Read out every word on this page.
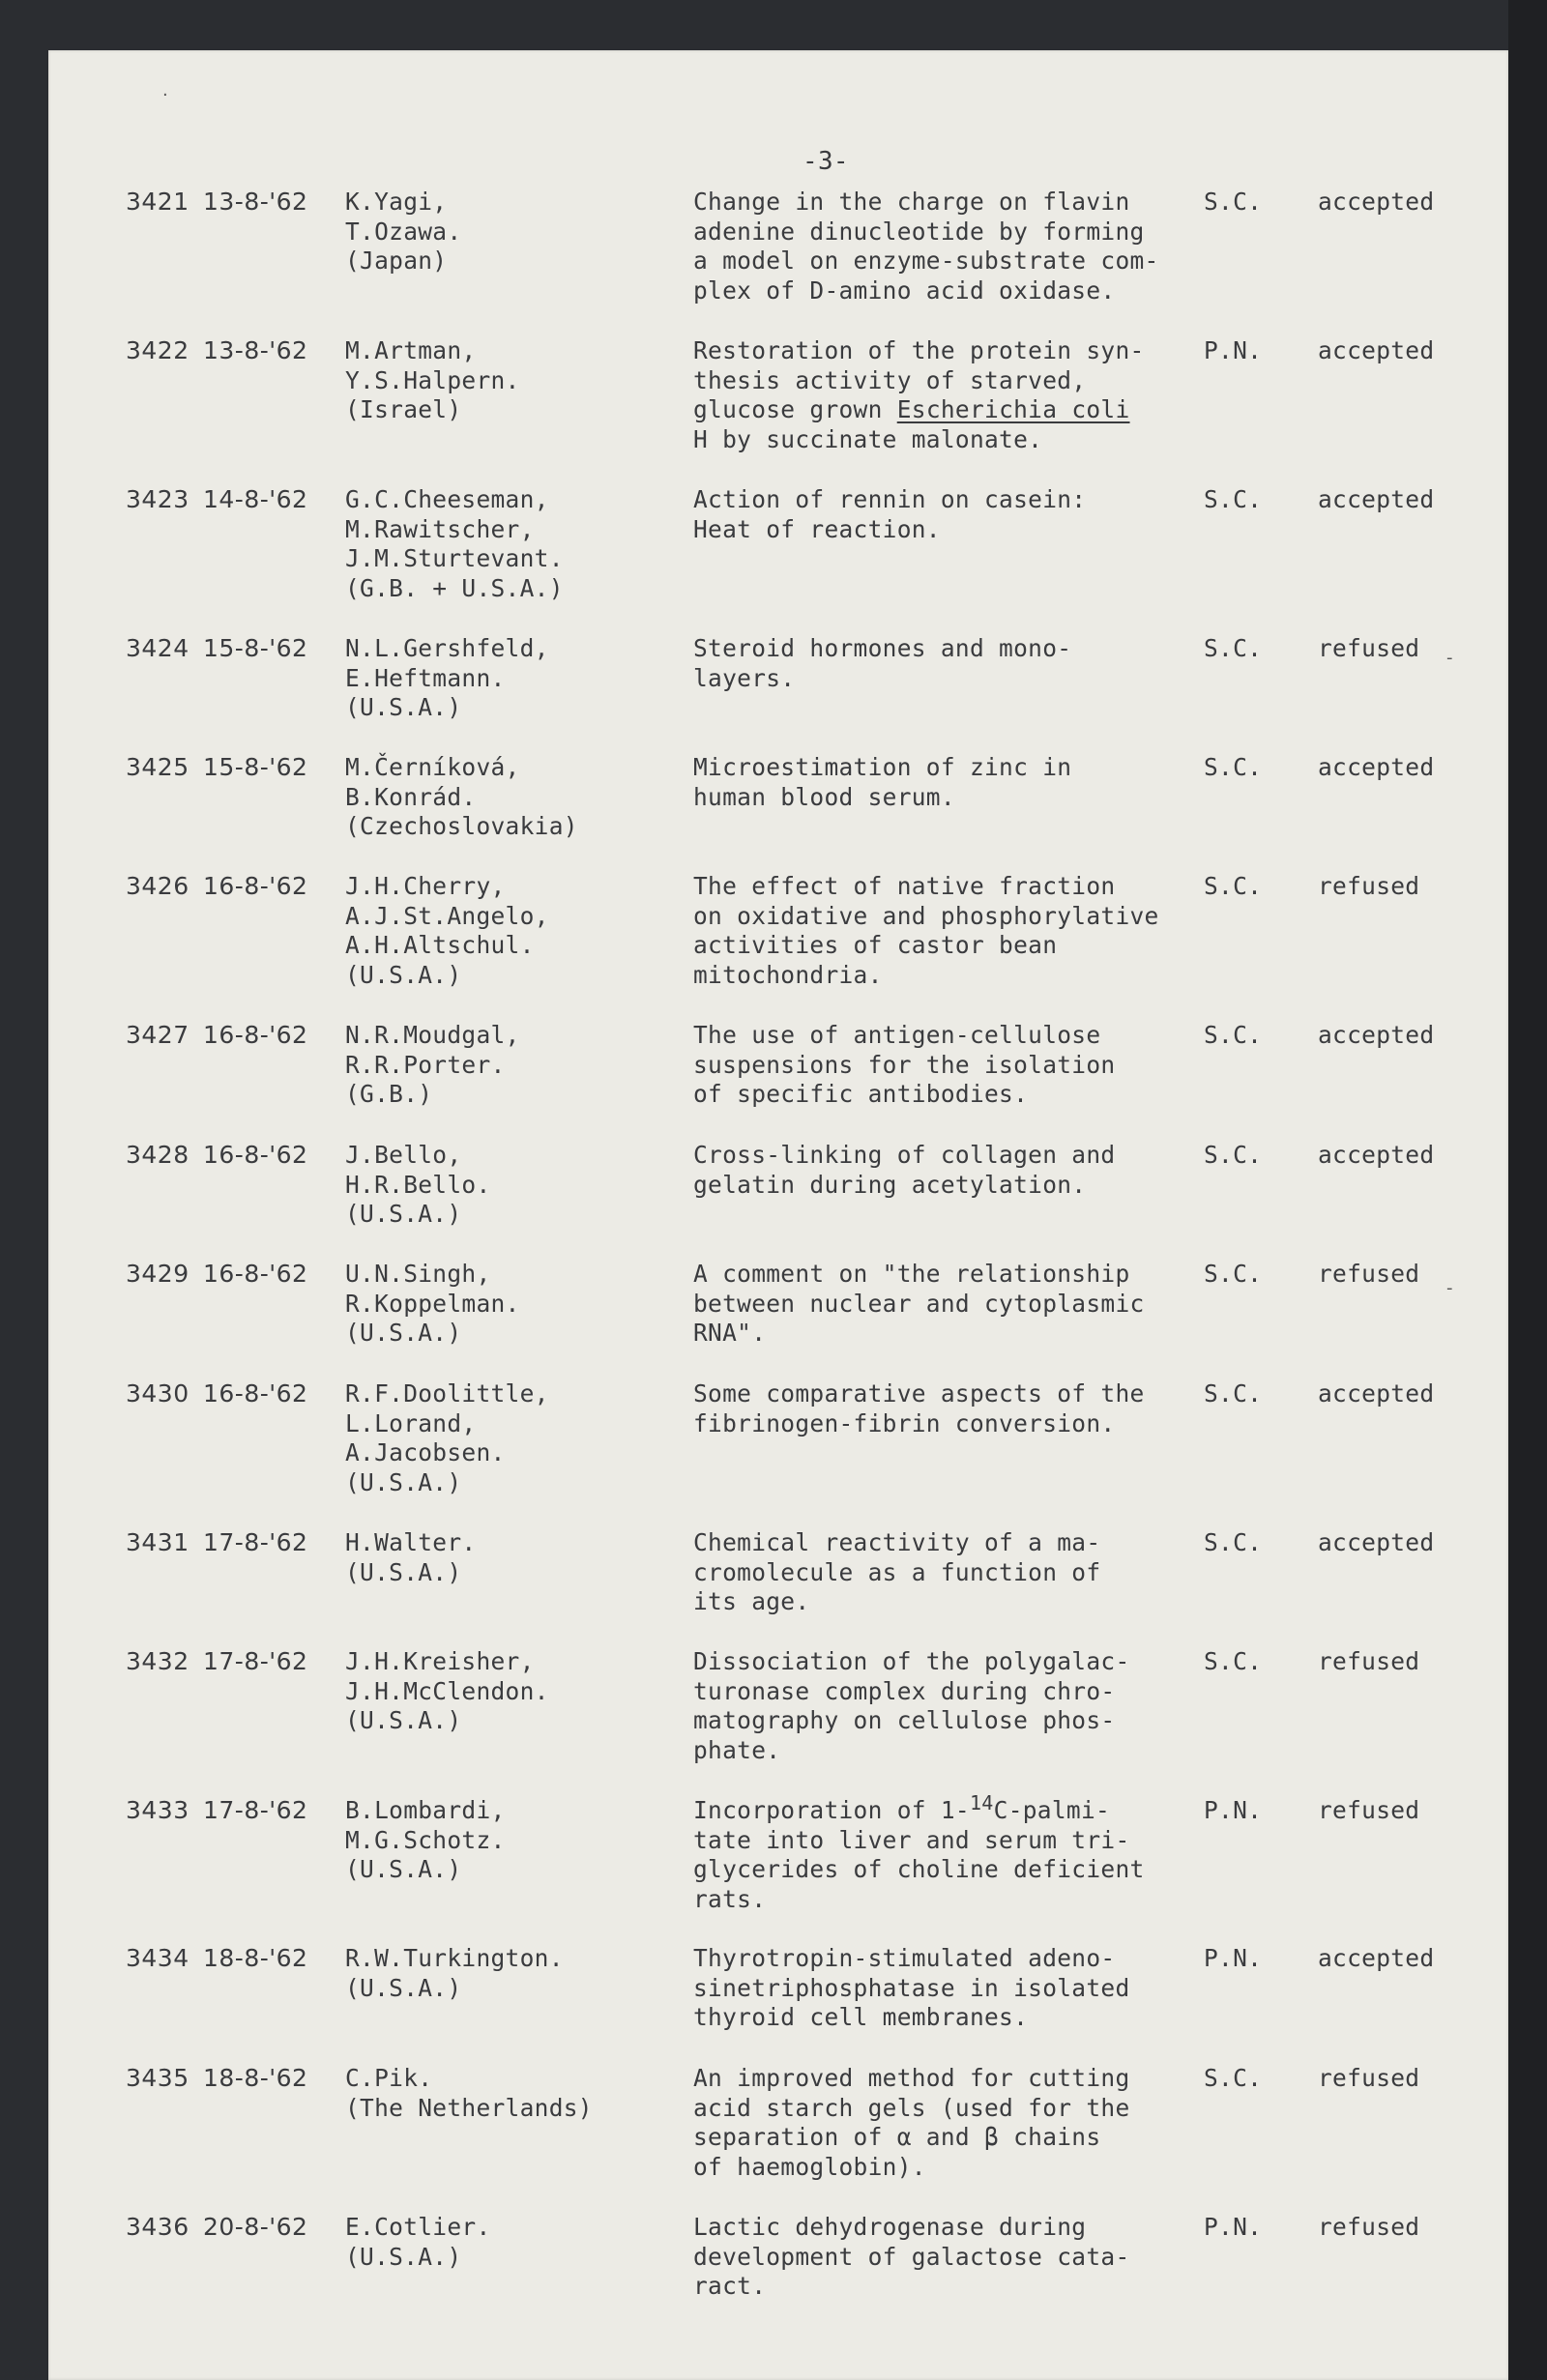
-3-
·
-
-
3421 13-8-'62 K.Yagi,
T.Ozawa.
(Japan)
Change in the charge on flavin
adenine dinucleotide by forming
a model on enzyme-substrate com-
plex of D-amino acid oxidase.
S.C. accepted
3422 13-8-'62 M.Artman,
Y.S.Halpern.
(Israel)
Restoration of the protein syn-
thesis activity of starved,
glucose grown Escherichia coli
H by succinate malonate.
P.N. accepted
3423 14-8-'62 G.C.Cheeseman,
M.Rawitscher,
J.M.Sturtevant.
(G.B. + U.S.A.)
Action of rennin on casein:
Heat of reaction.
S.C. accepted
3424 15-8-'62 N.L.Gershfeld,
E.Heftmann.
(U.S.A.)
Steroid hormones and mono-
layers.
S.C. refused
3425 15-8-'62 M.Černíková,
B.Konrád.
(Czechoslovakia)
Microestimation of zinc in
human blood serum.
S.C. accepted
3426 16-8-'62 J.H.Cherry,
A.J.St.Angelo,
A.H.Altschul.
(U.S.A.)
The effect of native fraction
on oxidative and phosphorylative
activities of castor bean
mitochondria.
S.C. refused
3427 16-8-'62 N.R.Moudgal,
R.R.Porter.
(G.B.)
The use of antigen-cellulose
suspensions for the isolation
of specific antibodies.
S.C. accepted
3428 16-8-'62 J.Bello,
H.R.Bello.
(U.S.A.)
Cross-linking of collagen and
gelatin during acetylation.
S.C. accepted
3429 16-8-'62 U.N.Singh,
R.Koppelman.
(U.S.A.)
A comment on "the relationship
between nuclear and cytoplasmic
RNA".
S.C. refused
3430 16-8-'62 R.F.Doolittle,
L.Lorand,
A.Jacobsen.
(U.S.A.)
Some comparative aspects of the
fibrinogen-fibrin conversion.
S.C. accepted
3431 17-8-'62 H.Walter.
(U.S.A.)
Chemical reactivity of a ma-
cromolecule as a function of
its age.
S.C. accepted
3432 17-8-'62 J.H.Kreisher,
J.H.McClendon.
(U.S.A.)
Dissociation of the polygalac-
turonase complex during chro-
matography on cellulose phos-
phate.
S.C. refused
3433 17-8-'62 B.Lombardi,
M.G.Schotz.
(U.S.A.)
Incorporation of 1-$^{14}$C-palmi-
tate into liver and serum tri-
glycerides of choline deficient
rats.
P.N. refused
3434 18-8-'62 R.W.Turkington.
(U.S.A.)
Thyrotropin-stimulated adeno-
sinetriphosphatase in isolated
thyroid cell membranes.
P.N. accepted
3435 18-8-'62 C.Pik.
(The Netherlands)
An improved method for cutting
acid starch gels (used for the
separation of α and β chains
of haemoglobin).
S.C. refused
3436 20-8-'62 E.Cotlier.
(U.S.A.)
Lactic dehydrogenase during
development of galactose cata-
ract.
P.N. refused
